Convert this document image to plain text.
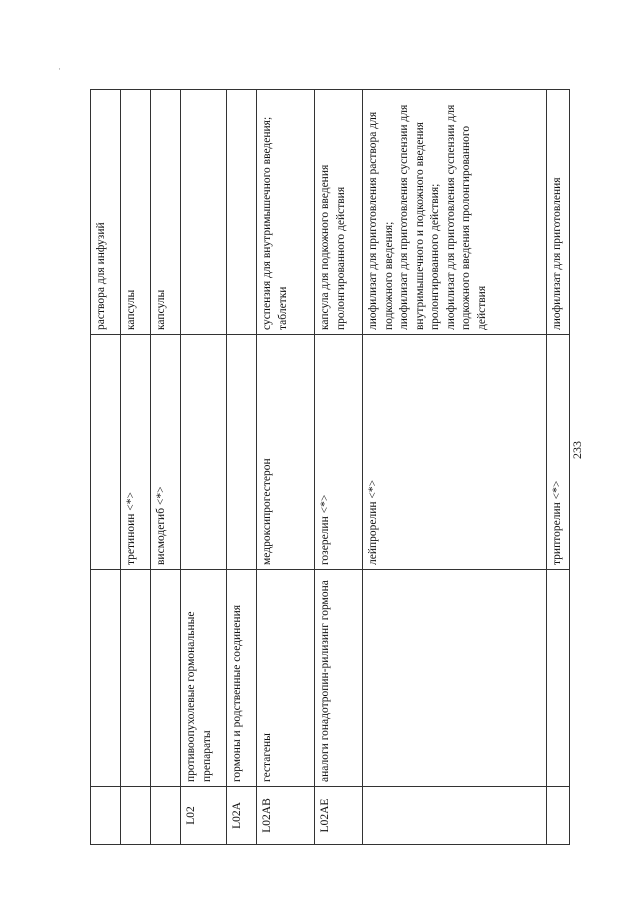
·
			раствора для инфузий
		третиноин <*>	капсулы
		висмодегиб <*>	капсулы
L02	противоопухолевые гормональные препараты		
L02A	гормоны и родственные соединения		
L02AB	гестагены	медроксипрогестерон	суспензия для внутримышечного введения;
таблетки
L02AE	аналоги гонадотропин-рилизинг гормона	гозерелин <*>	капсула для подкожного введения пролонгированного действия
		лейпрорелин <*>	лиофилизат для приготовления раствора для подкожного введения;
лиофилизат для приготовления суспензии для внутримышечного и подкожного введения пролонгированного действия;
лиофилизат для приготовления суспензии для подкожного введения пролонгированного действия
		трипторелин <*>	лиофилизат для приготовления
233
